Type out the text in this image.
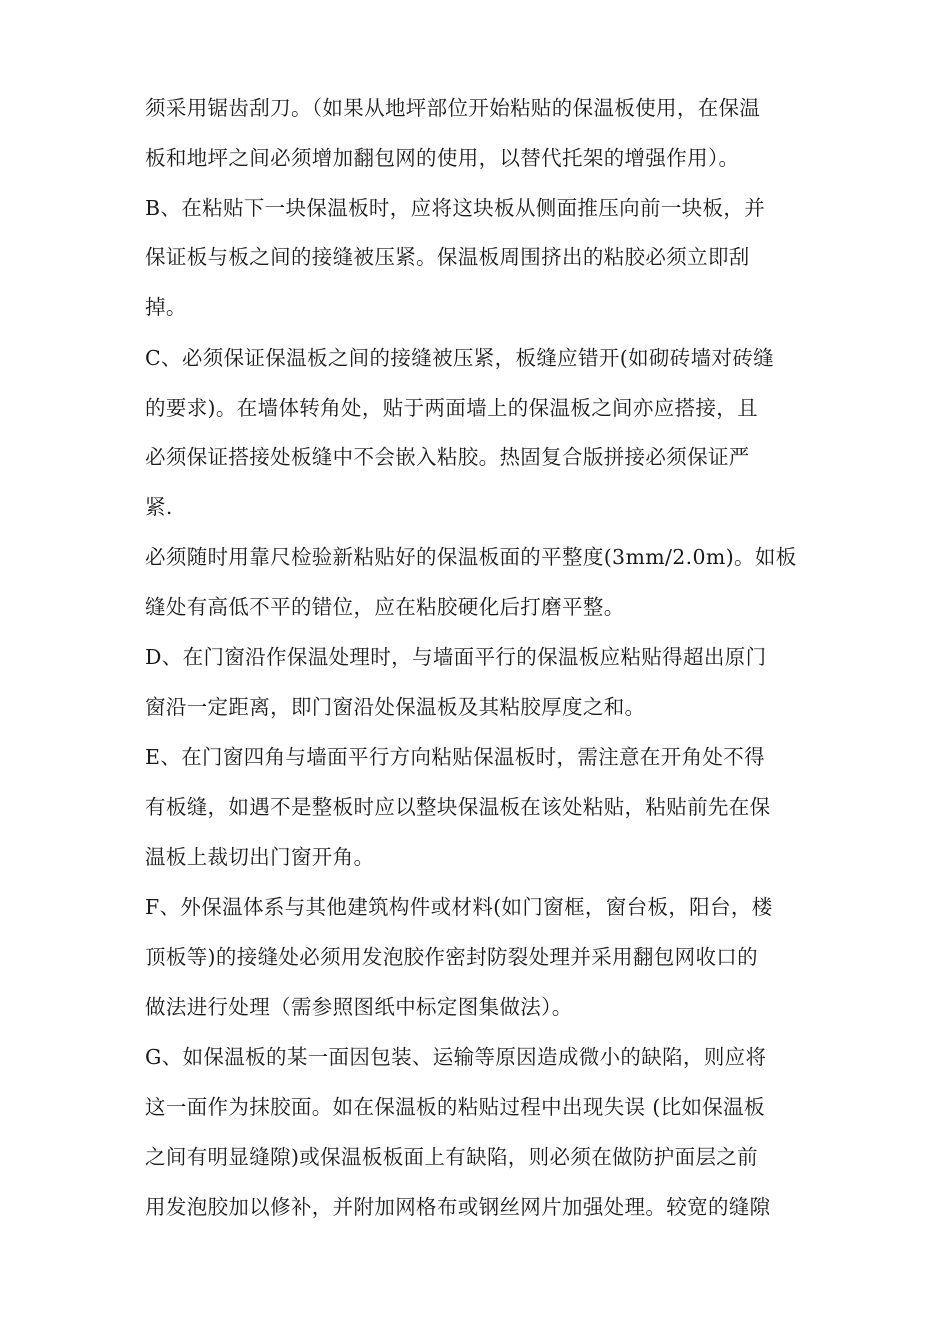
须采用锯齿刮刀。（如果从地坪部位开始粘贴的保温板使用，在保温
板和地坪之间必须增加翻包网的使用，以替代托架的增强作用）。
B、在粘贴下一块保温板时，应将这块板从侧面推压向前一块板，并
保证板与板之间的接缝被压紧。保温板周围挤出的粘胶必须立即刮
掉。
C、必须保证保温板之间的接缝被压紧，板缝应错开(如砌砖墙对砖缝
的要求)。在墙体转角处，贴于两面墙上的保温板之间亦应搭接，且
必须保证搭接处板缝中不会嵌入粘胶。热固复合版拼接必须保证严
紧.
必须随时用靠尺检验新粘贴好的保温板面的平整度(3mm/2.0m)。如板
缝处有高低不平的错位，应在粘胶硬化后打磨平整。
D、在门窗沿作保温处理时，与墙面平行的保温板应粘贴得超出原门
窗沿一定距离，即门窗沿处保温板及其粘胶厚度之和。
E、在门窗四角与墙面平行方向粘贴保温板时，需注意在开角处不得
有板缝，如遇不是整板时应以整块保温板在该处粘贴，粘贴前先在保
温板上裁切出门窗开角。
F、外保温体系与其他建筑构件或材料(如门窗框，窗台板，阳台，楼
顶板等)的接缝处必须用发泡胶作密封防裂处理并采用翻包网收口的
做法进行处理（需参照图纸中标定图集做法）。
G、如保温板的某一面因包装、运输等原因造成微小的缺陷，则应将
这一面作为抹胶面。如在保温板的粘贴过程中出现失误 (比如保温板
之间有明显缝隙)或保温板板面上有缺陷，则必须在做防护面层之前
用发泡胶加以修补，并附加网格布或钢丝网片加强处理。较宽的缝隙
